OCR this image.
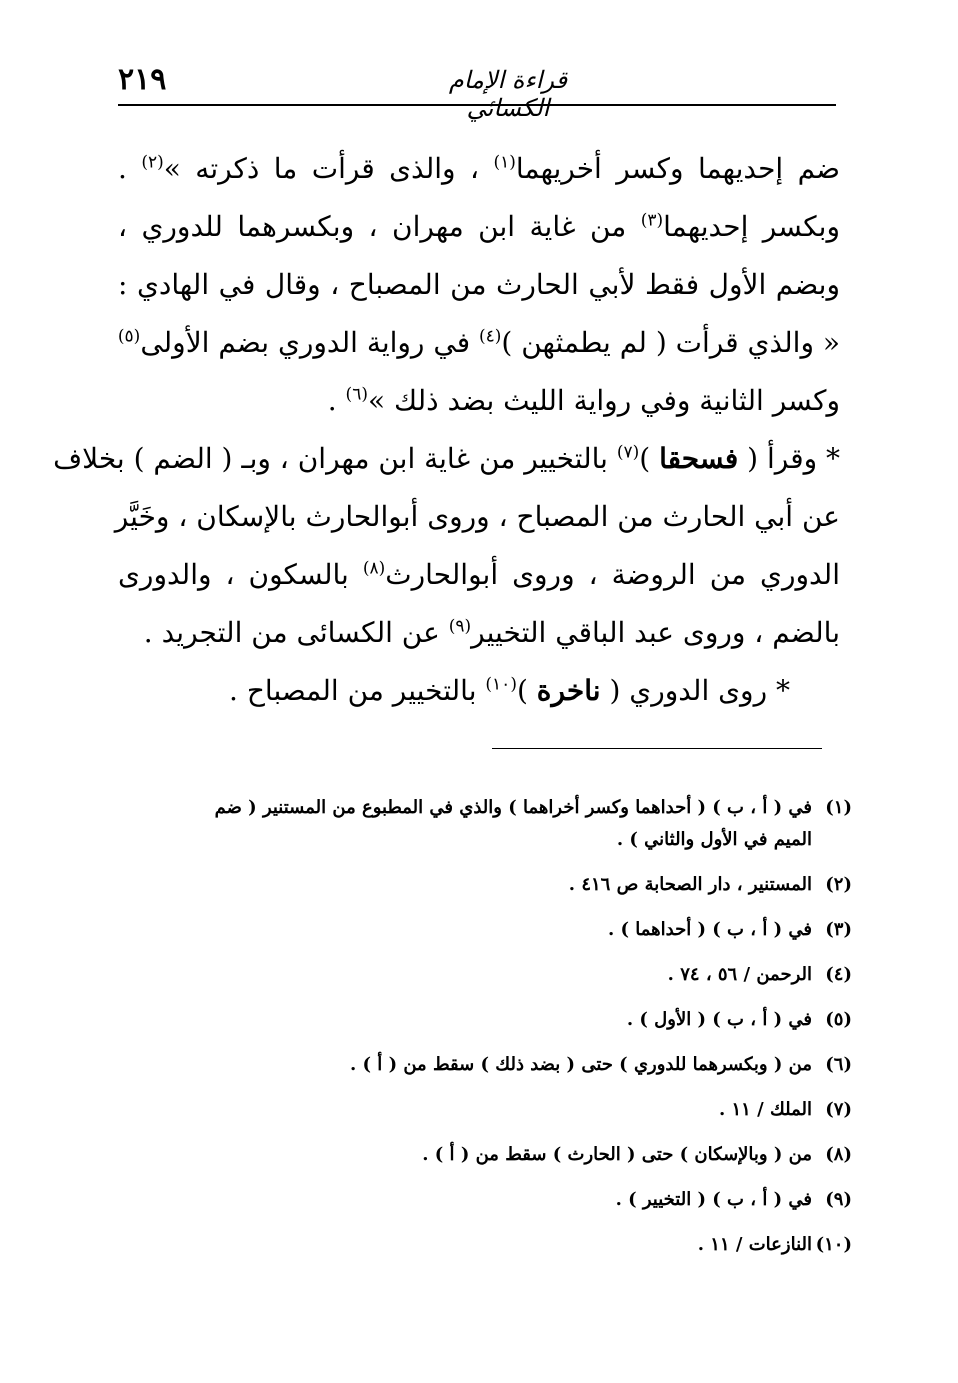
٢١٩	قراءة الإمام الكسائي
ضم إحديهما وكسر أخريهما$^{(١)}$ ، والذى قرأت ما ذكرته »$^{(٢)}$ .
وبكسر إحديهما$^{(٣)}$ من غاية ابن مهران ، وبكسرهما للدوري ،
وبضم الأول فقط لأبي الحارث من المصباح ، وقال في الهادي :
« والذي قرأت ( لم يطمثهن )$^{(٤)}$ في رواية الدوري بضم الأولى$^{(٥)}$
وكسر الثانية وفي رواية الليث بضد ذلك »$^{(٦)}$ .
* وقرأ ( فسحقا )$^{(٧)}$ بالتخيير من غاية ابن مهران ، وبـ ( الضم ) بخلاف
عن أبي الحارث من المصباح ، وروى أبوالحارث بالإسكان ، وخَيَّر
الدوري من الروضة ، وروى أبوالحارث$^{(٨)}$ بالسكون ، والدورى
بالضم ، وروى عبد الباقي التخيير$^{(٩)}$ عن الكسائى من التجريد .
* روى الدوري ( ناخرة )$^{(١٠)}$ بالتخيير من المصباح .
(١)في ( أ ، ب ) ( أحداهما وكسر أخراهما ) والذي في المطبوع من المستنير ( ضم
الميم في الأول والثاني ) .
(٢)المستنير ، دار الصحابة ص ٤١٦ .
(٣)في ( أ ، ب ) ( أحداهما ) .
(٤)الرحمن / ٥٦ ، ٧٤ .
(٥)في ( أ ، ب ) ( الأول ) .
(٦)من ( وبكسرهما للدوري ) حتى ( بضد ذلك ) سقط من ( أ ) .
(٧)الملك / ١١ .
(٨)من ( وبالإسكان ) حتى ( الحارث ) سقط من ( أ ) .
(٩)في ( أ ، ب ) ( التخيير ) .
(١٠)النازعات / ١١ .
